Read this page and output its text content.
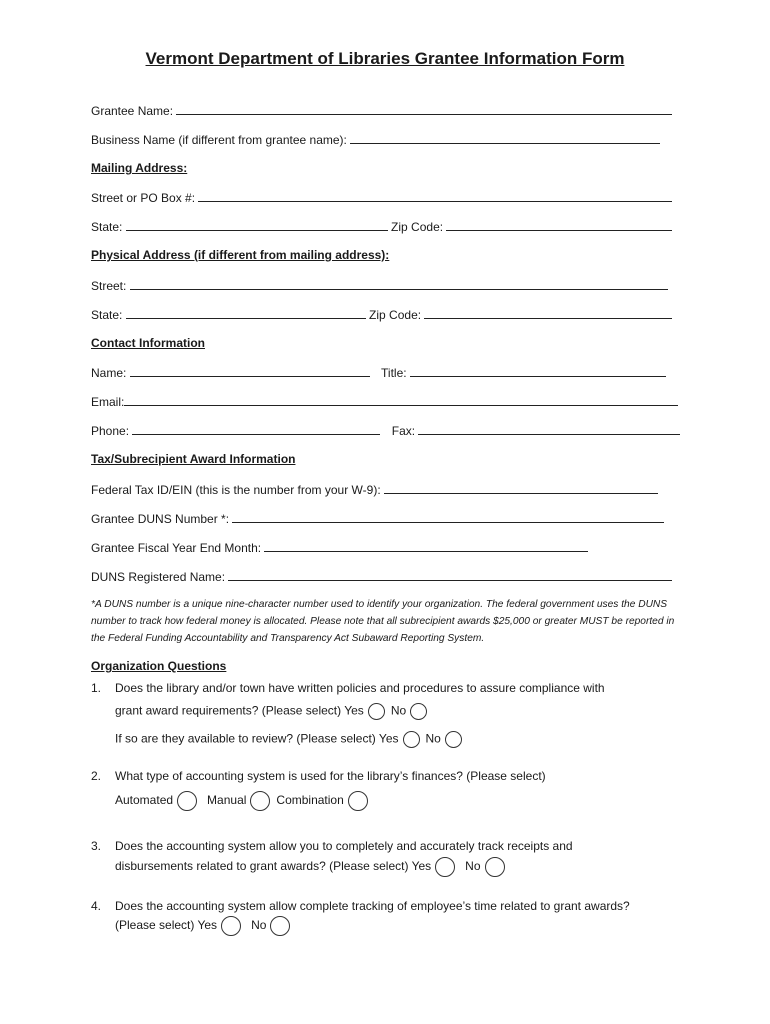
Vermont Department of Libraries Grantee Information Form
Grantee Name:
Business Name (if different from grantee name):
Mailing Address:
Street or PO Box #:
State:	Zip Code:
Physical Address (if different from mailing address):
Street:
State:	Zip Code:
Contact Information
Name:	Title:
Email:
Phone:	Fax:
Tax/Subrecipient Award Information
Federal Tax ID/EIN (this is the number from your W-9):
Grantee DUNS Number *:
Grantee Fiscal Year End Month:
DUNS Registered Name:
*A DUNS number is a unique nine-character number used to identify your organization. The federal government uses the DUNS number to track how federal money is allocated. Please note that all subrecipient awards $25,000 or greater MUST be reported in the Federal Funding Accountability and Transparency Act Subaward Reporting System.
Organization Questions
1. Does the library and/or town have written policies and procedures to assure compliance with
grant award requirements? (Please select) Yes No
If so are they available to review? (Please select) Yes No
2. What type of accounting system is used for the library’s finances? (Please select)
Automated	Manual	Combination
3. Does the accounting system allow you to completely and accurately track receipts and
disbursements related to grant awards? (Please select) Yes	No
4. Does the accounting system allow complete tracking of employee’s time related to grant awards?
(Please select) Yes	No
